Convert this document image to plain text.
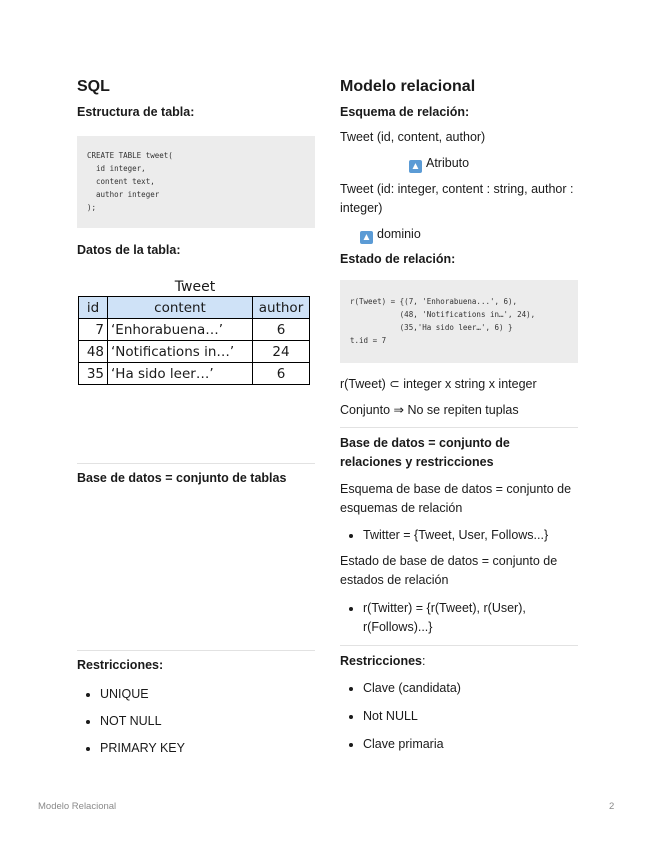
SQL
Estructura de tabla:
CREATE TABLE tweet(
id integer,
content text,
author integer
);
Datos de la tabla:
Tweet
id	content	author
7	‘Enhorabuena…’	6
48	‘Notifications in…’	24
35	‘Ha sido leer…’	6
Base de datos = conjunto de tablas
Restricciones:
• UNIQUE
• NOT NULL
• PRIMARY KEY
Modelo relacional
Esquema de relación:
Tweet (id, content, author)
▲ Atributo
Tweet (id: integer, content : string, author : integer)
▲ dominio
Estado de relación:
r(Tweet) = {(7, 'Enhorabuena...', 6),
(48, 'Notifications in…', 24),
(35,'Ha sido leer…', 6) }
t.id = 7
r(Tweet) ⊂ integer x string x integer
Conjunto ⇒ No se repiten tuplas
Base de datos = conjunto de relaciones y restricciones
Esquema de base de datos = conjunto de esquemas de relación
• Twitter = {Tweet, User, Follows...}
Estado de base de datos = conjunto de estados de relación
• r(Twitter) = {r(Tweet), r(User), r(Follows)...}
Restricciones:
• Clave (candidata)
• Not NULL
• Clave primaria
Modelo Relacional	2
